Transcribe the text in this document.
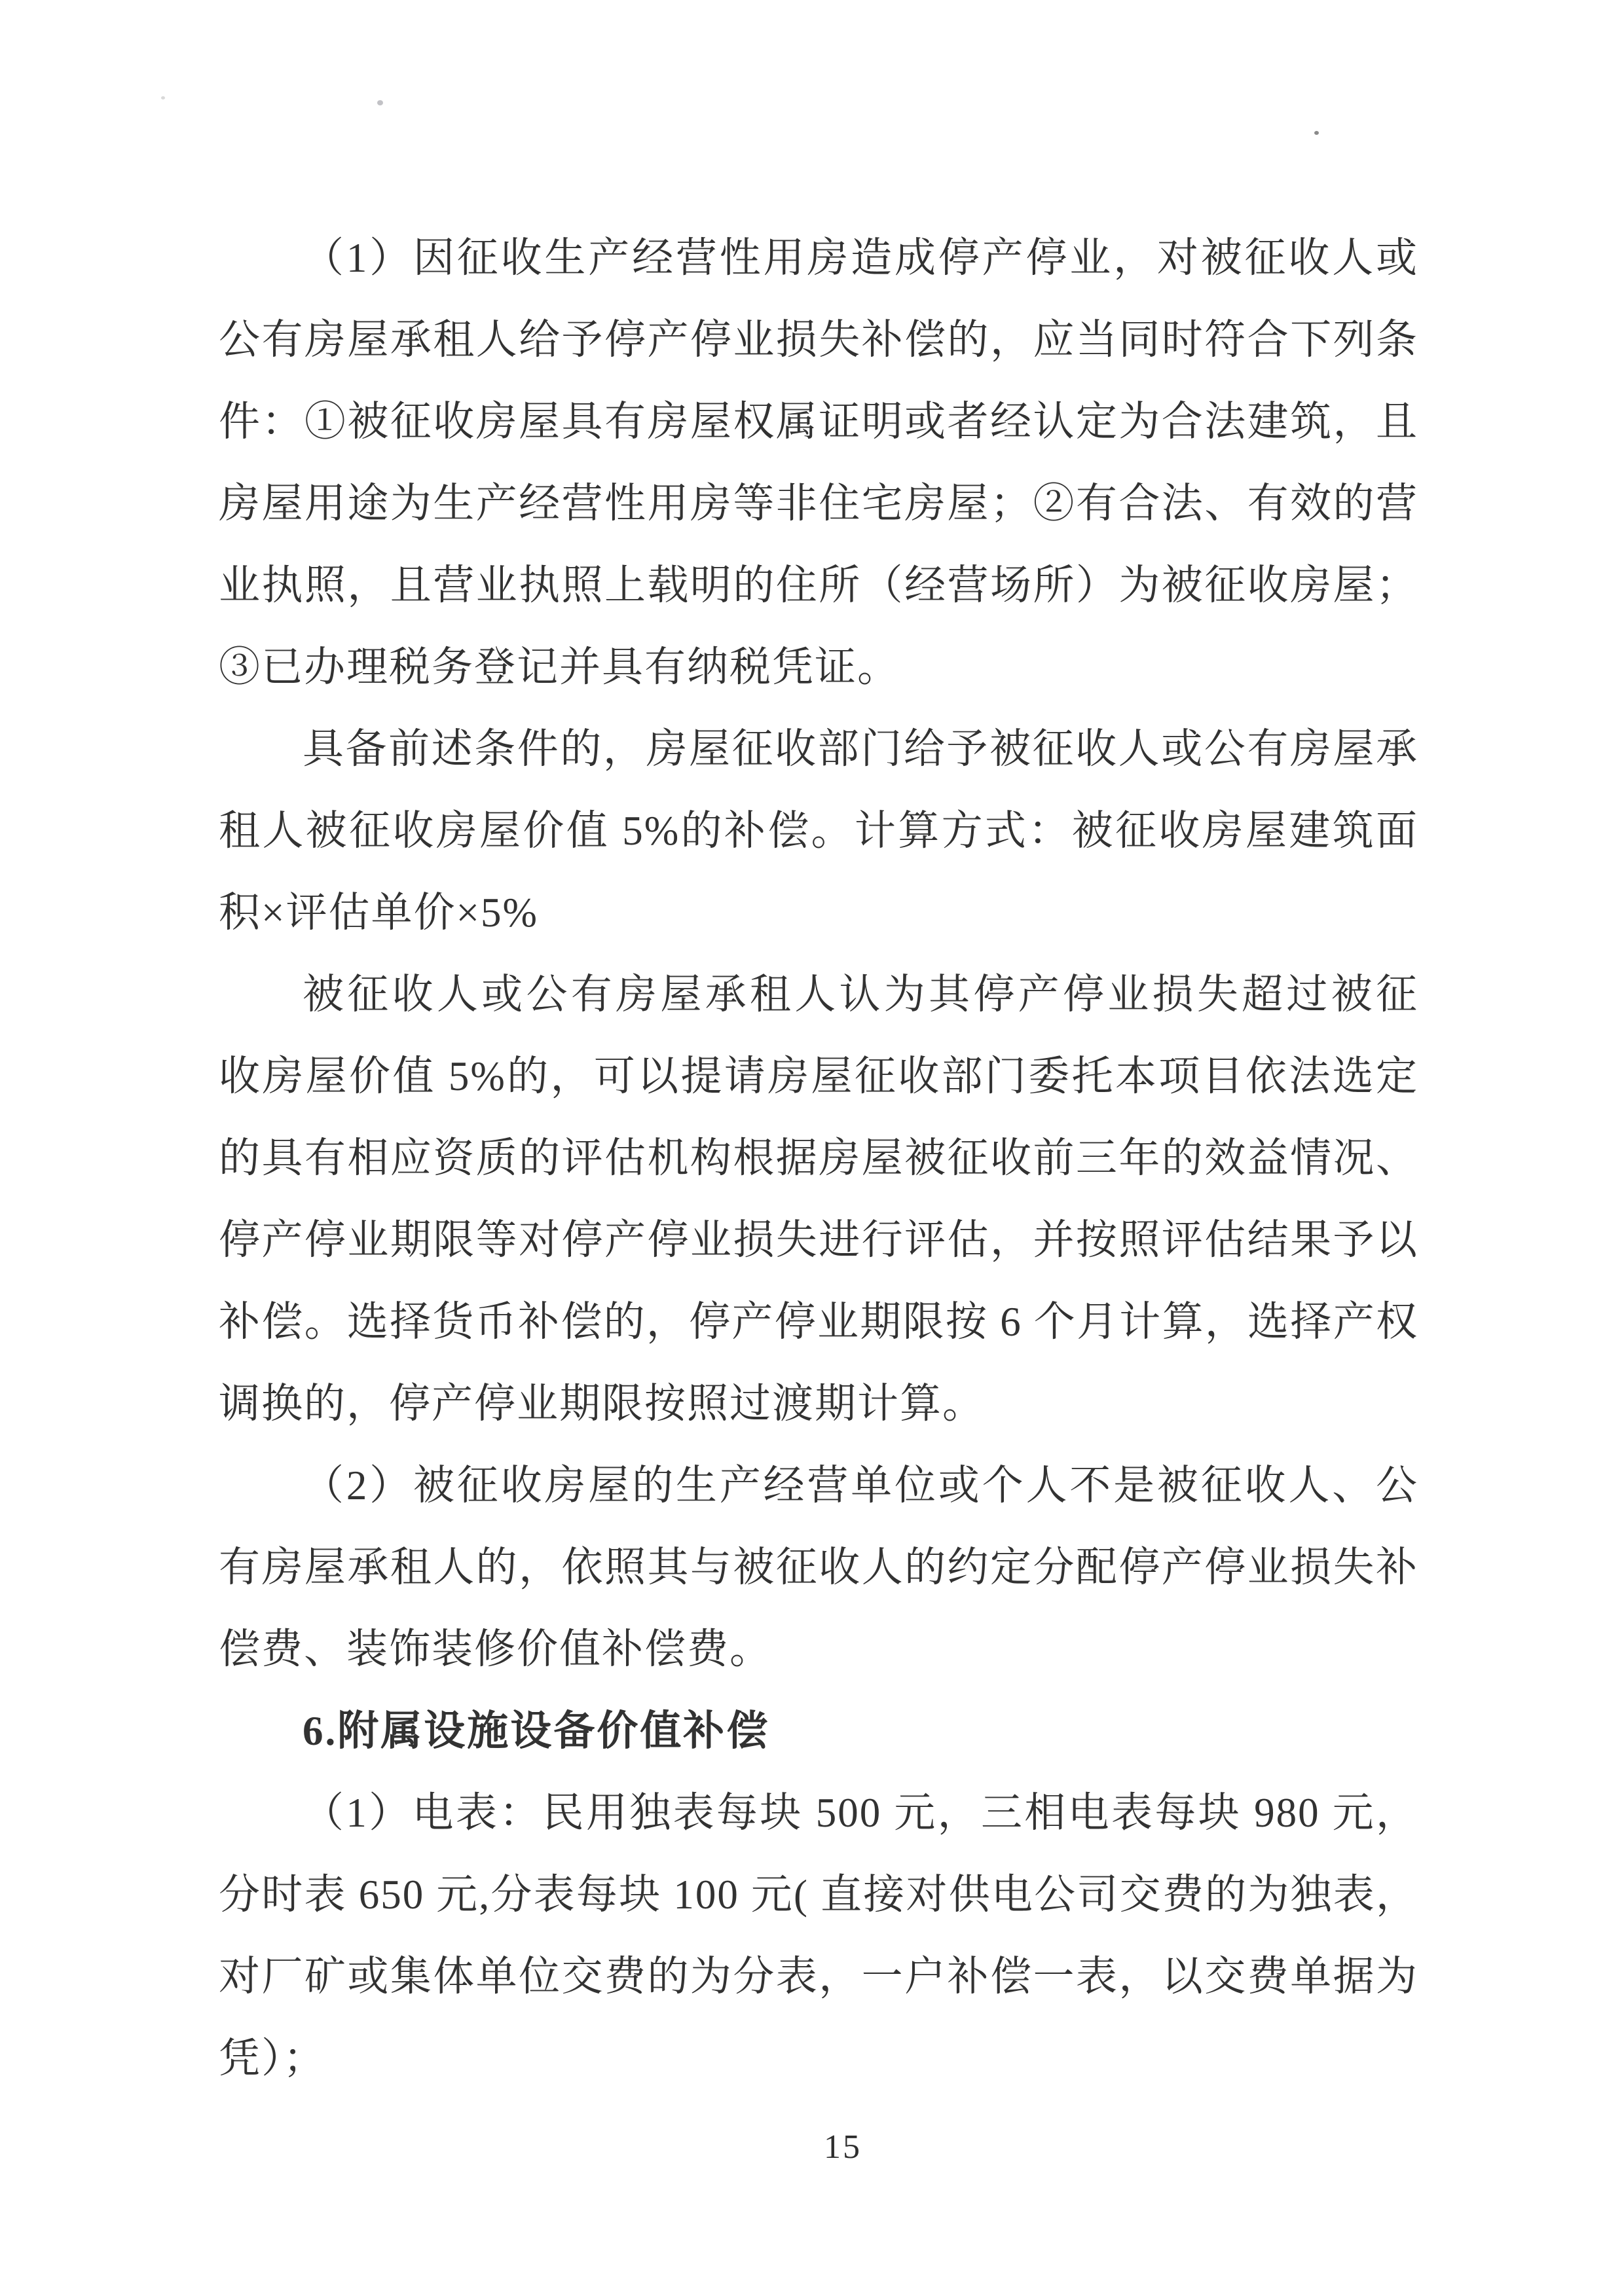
（1）因征收生产经营性用房造成停产停业，对被征收人或
公有房屋承租人给予停产停业损失补偿的，应当同时符合下列条
件：①被征收房屋具有房屋权属证明或者经认定为合法建筑，且
房屋用途为生产经营性用房等非住宅房屋；②有合法、有效的营
业执照，且营业执照上载明的住所（经营场所）为被征收房屋；
③已办理税务登记并具有纳税凭证。
具备前述条件的，房屋征收部门给予被征收人或公有房屋承
租人被征收房屋价值 5%的补偿。计算方式：被征收房屋建筑面
积×评估单价×5%
被征收人或公有房屋承租人认为其停产停业损失超过被征
收房屋价值 5%的，可以提请房屋征收部门委托本项目依法选定
的具有相应资质的评估机构根据房屋被征收前三年的效益情况、
停产停业期限等对停产停业损失进行评估，并按照评估结果予以
补偿。选择货币补偿的，停产停业期限按 6 个月计算，选择产权
调换的，停产停业期限按照过渡期计算。
（2）被征收房屋的生产经营单位或个人不是被征收人、公
有房屋承租人的，依照其与被征收人的约定分配停产停业损失补
偿费、装饰装修价值补偿费。
6.附属设施设备价值补偿
（1）电表：民用独表每块 500 元，三相电表每块 980 元，
分时表 650 元,分表每块 100 元( 直接对供电公司交费的为独表，
对厂矿或集体单位交费的为分表，一户补偿一表，以交费单据为
凭）；
15
